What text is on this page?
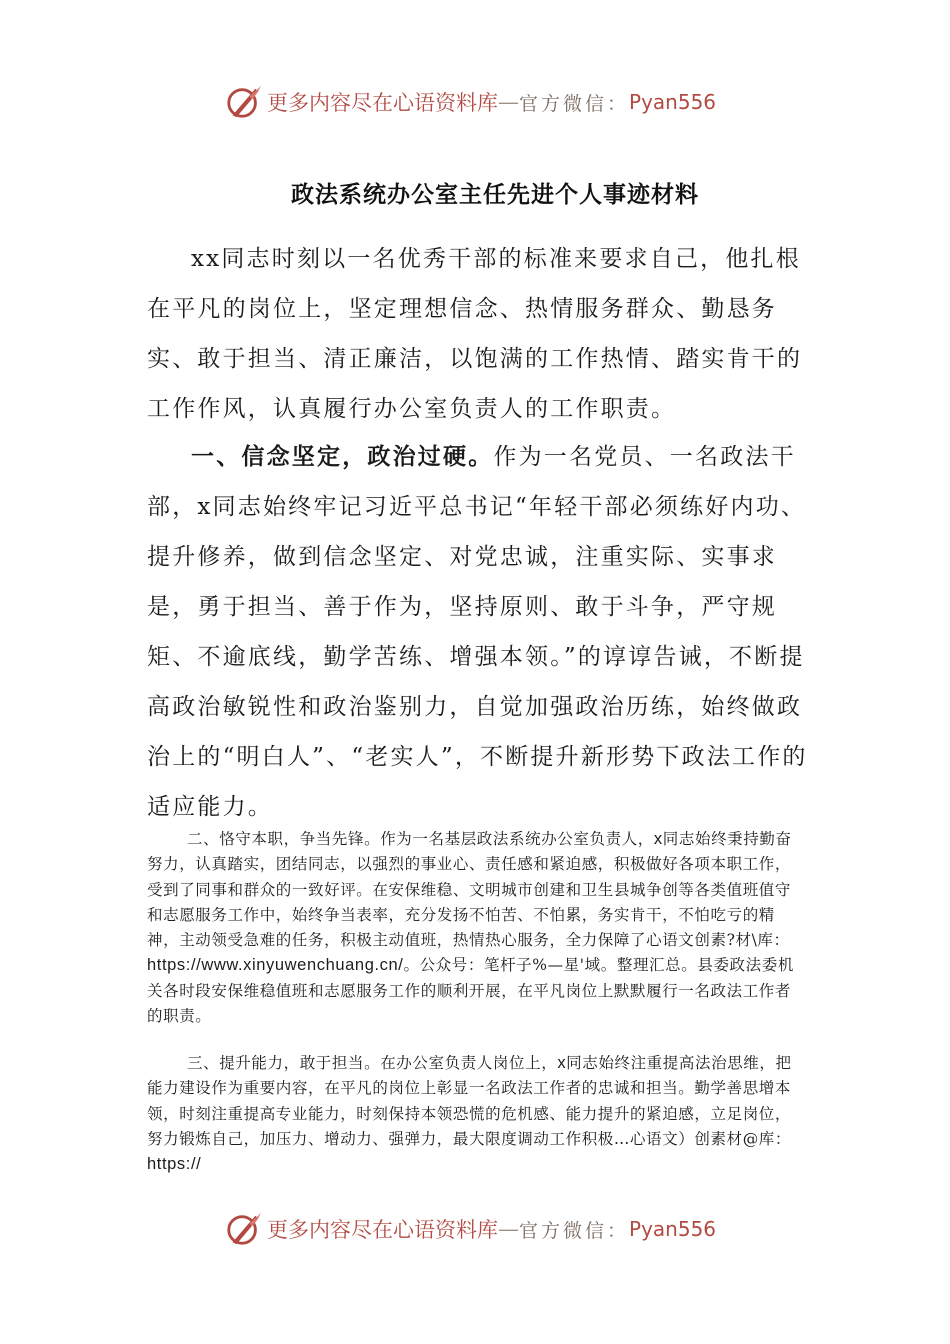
更多内容尽在心语资料库 — 官方微信： Pyan556
政法系统办公室主任先进个人事迹材料

xx同志时刻以一名优秀干部的标准来要求自己，他扎根在平凡的岗位上，坚定理想信念、热情服务群众、勤恳务实、敢于担当、清正廉洁，以饱满的工作热情、踏实肯干的工作作风，认真履行办公室负责人的工作职责。

一、信念坚定，政治过硬。作为一名党员、一名政法干部，x同志始终牢记习近平总书记“年轻干部必须练好内功、提升修养，做到信念坚定、对党忠诚，注重实际、实事求是，勇于担当、善于作为，坚持原则、敢于斗争，严守规矩、不逾底线，勤学苦练、增强本领。”的谆谆告诫，不断提高政治敏锐性和政治鉴别力，自觉加强政治历练，始终做政治上的“明白人”、“老实人”，不断提升新形势下政法工作的适应能力。

二、恪守本职，争当先锋。作为一名基层政法系统办公室负责人，x同志始终秉持勤奋努力，认真踏实，团结同志，以强烈的事业心、责任感和紧迫感，积极做好各项本职工作，受到了同事和群众的一致好评。在安保维稳、文明城市创建和卫生县城争创等各类值班值守和志愿服务工作中，始终争当表率，充分发扬不怕苦、不怕累，务实肯干，不怕吃亏的精神，主动领受急难的任务，积极主动值班，热情热心服务，全力保障了心语文创素?材\库：https://www.xinyuwenchuang.cn/。公众号：笔杆子%—星'域。整理汇总。县委政法委机关各时段安保维稳值班和志愿服务工作的顺利开展，在平凡岗位上默默履行一名政法工作者的职责。

三、提升能力，敢于担当。在办公室负责人岗位上，x同志始终注重提高法治思维，把能力建设作为重要内容，在平凡的岗位上彰显一名政法工作者的忠诚和担当。勤学善思增本领，时刻注重提高专业能力，时刻保持本领恐慌的危机感、能力提升的紧迫感，立足岗位，努力锻炼自己，加压力、增动力、强弹力，最大限度调动工作积极…心语文）创素材@库：https://

更多内容尽在心语资料库 — 官方微信： Pyan556
